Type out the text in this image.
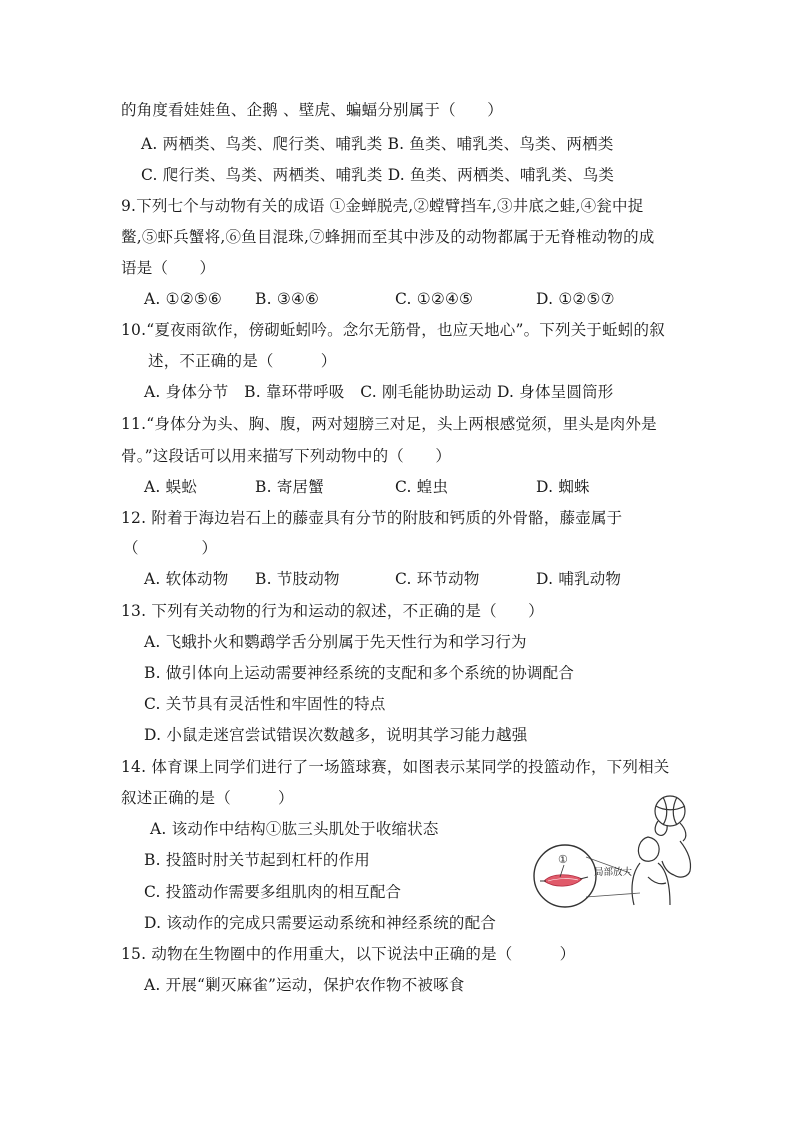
的角度看娃娃鱼、企鹅 、壁虎、蝙蝠分别属于（　　）
A. 两栖类、鸟类、爬行类、哺乳类 B. 鱼类、哺乳类、鸟类、两栖类
C. 爬行类、鸟类、两栖类、哺乳类 D. 鱼类、两栖类、哺乳类、鸟类
9.下列七个与动物有关的成语 ①金蝉脱壳,②螳臂挡车,③井底之蛙,④瓮中捉
鳖,⑤虾兵蟹将,⑥鱼目混珠,⑦蜂拥而至其中涉及的动物都属于无脊椎动物的成
语是（　　）
A. ①②⑤⑥ B. ③④⑥	C. ①②④⑤	D. ①②⑤⑦
10.“夏夜雨欲作，傍砌蚯蚓吟。念尔无筋骨，也应天地心”。下列关于蚯蚓的叙
述，不正确的是（　　　）
A. 身体分节　B. 靠环带呼吸　C. 刚毛能协助运动 D. 身体呈圆筒形
11.“身体分为头、胸、腹，两对翅膀三对足，头上两根感觉须，里头是肉外是
骨。”这段话可以用来描写下列动物中的（　　）
A. 蜈蚣	B. 寄居蟹	C. 蝗虫	D. 蜘蛛
12. 附着于海边岩石上的藤壶具有分节的附肢和钙质的外骨骼，藤壶属于
（　　　　）
A. 软体动物 B. 节肢动物	C. 环节动物	D. 哺乳动物
13. 下列有关动物的行为和运动的叙述，不正确的是（　　）
A. 飞蛾扑火和鹦鹉学舌分别属于先天性行为和学习行为
B. 做引体向上运动需要神经系统的支配和多个系统的协调配合
C. 关节具有灵活性和牢固性的特点
D. 小鼠走迷宫尝试错误次数越多，说明其学习能力越强
14. 体育课上同学们进行了一场篮球赛，如图表示某同学的投篮动作，下列相关
叙述正确的是（　　　）
A. 该动作中结构①肱三头肌处于收缩状态
B. 投篮时肘关节起到杠杆的作用
C. 投篮动作需要多组肌肉的相互配合
D. 该动作的完成只需要运动系统和神经系统的配合
15. 动物在生物圈中的作用重大，以下说法中正确的是（　　　）
A. 开展“剿灭麻雀”运动，保护农作物不被啄食
①
局部放大
